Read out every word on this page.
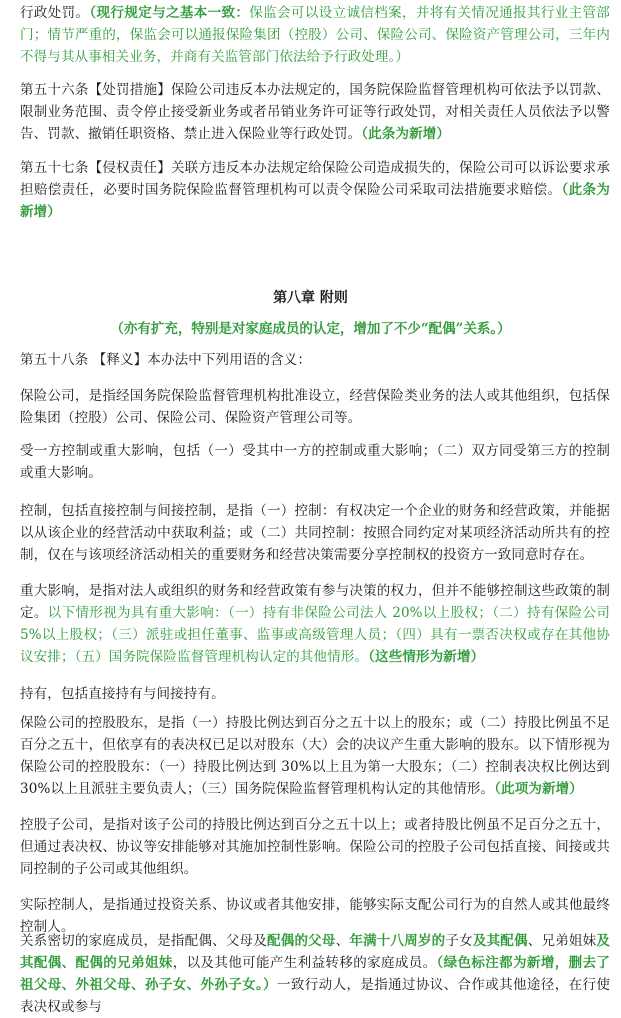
行政处罚。（现行规定与之基本一致：保监会可以设立诚信档案，并将有关情况通报其行业主管部门；情节严重的，保监会可以通报保险集团（控股）公司、保险公司、保险资产管理公司，三年内不得与其从事相关业务，并商有关监管部门依法给予行政处理。）

第五十六条【处罚措施】保险公司违反本办法规定的，国务院保险监督管理机构可依法予以罚款、限制业务范围、责令停止接受新业务或者吊销业务许可证等行政处罚，对相关责任人员依法予以警告、罚款、撤销任职资格、禁止进入保险业等行政处罚。（此条为新增）

第五十七条【侵权责任】关联方违反本办法规定给保险公司造成损失的，保险公司可以诉讼要求承担赔偿责任，必要时国务院保险监督管理机构可以责令保险公司采取司法措施要求赔偿。（此条为新增）

第八章 附则
（亦有扩充，特别是对家庭成员的认定，增加了不少“配偶”关系。）

第五十八条 【释义】本办法中下列用语的含义：

保险公司，是指经国务院保险监督管理机构批准设立，经营保险类业务的法人或其他组织，包括保险集团（控股）公司、保险公司、保险资产管理公司等。

受一方控制或重大影响，包括（一）受其中一方的控制或重大影响；（二）双方同受第三方的控制或重大影响。

控制，包括直接控制与间接控制，是指（一）控制：有权决定一个企业的财务和经营政策，并能据以从该企业的经营活动中获取利益；或（二）共同控制：按照合同约定对某项经济活动所共有的控制，仅在与该项经济活动相关的重要财务和经营决策需要分享控制权的投资方一致同意时存在。

重大影响，是指对法人或组织的财务和经营政策有参与决策的权力，但并不能够控制这些政策的制定。以下情形视为具有重大影响：（一）持有非保险公司法人 20%以上股权；（二）持有保险公司 5%以上股权；（三）派驻或担任董事、监事或高级管理人员；（四）具有一票否决权或存在其他协议安排；（五）国务院保险监督管理机构认定的其他情形。（这些情形为新增）

持有，包括直接持有与间接持有。

保险公司的控股股东，是指（一）持股比例达到百分之五十以上的股东；或（二）持股比例虽不足百分之五十，但依享有的表决权已足以对股东（大）会的决议产生重大影响的股东。以下情形视为保险公司的控股股东：（一）持股比例达到 30%以上且为第一大股东；（二）控制表决权比例达到 30%以上且派驻主要负责人；（三）国务院保险监督管理机构认定的其他情形。（此项为新增）

控股子公司，是指对该子公司的持股比例达到百分之五十以上；或者持股比例虽不足百分之五十，但通过表决权、协议等安排能够对其施加控制性影响。保险公司的控股子公司包括直接、间接或共同控制的子公司或其他组织。

实际控制人，是指通过投资关系、协议或者其他安排，能够实际支配公司行为的自然人或其他最终控制人。

关系密切的家庭成员，是指配偶、父母及配偶的父母、年满十八周岁的子女及其配偶、兄弟姐妹及其配偶、配偶的兄弟姐妹，以及其他可能产生利益转移的家庭成员。（绿色标注都为新增，删去了祖父母、外祖父母、孙子女、外孙子女。）一致行动人，是指通过协议、合作或其他途径，在行使表决权或参与
